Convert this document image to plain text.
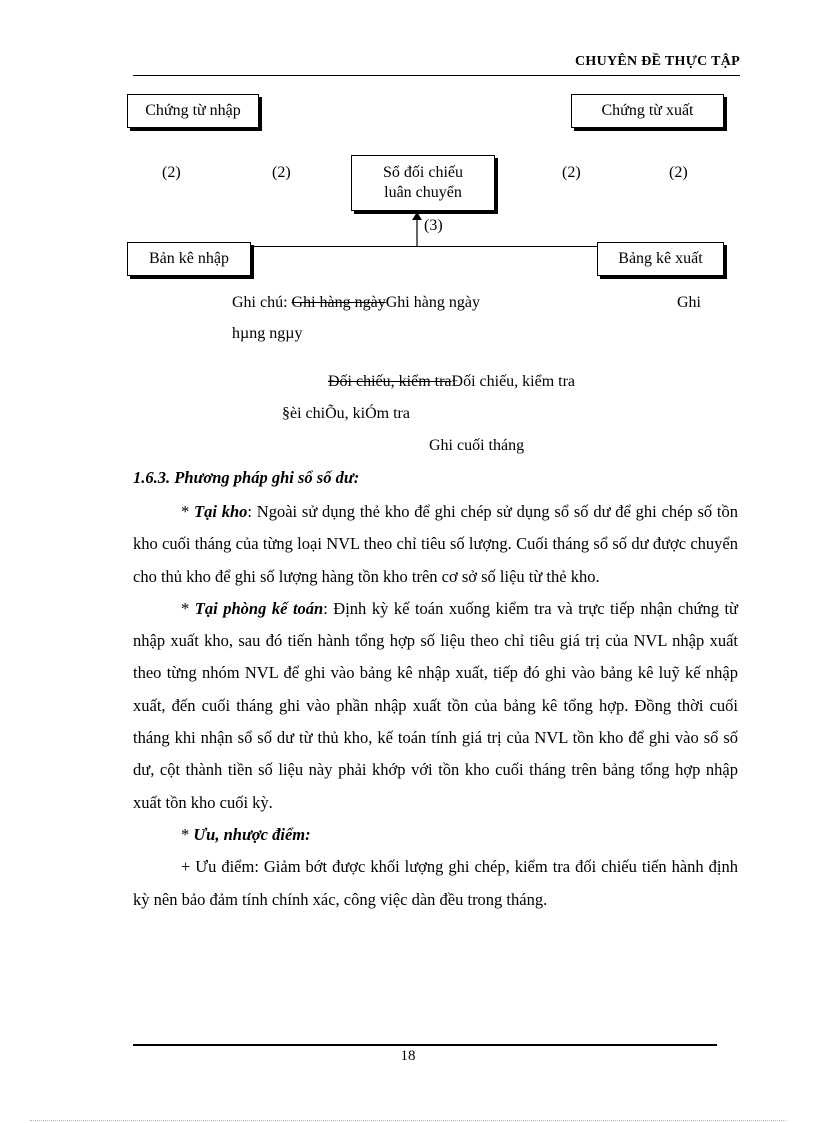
CHUYÊN ĐỀ THỰC TẬP
Chứng từ nhập	Chứng từ xuất
Sổ đối chiếu
luân chuyển
Bản kê nhập	Bảng kê xuất
(2)	(2)	(2)	(2)
(3)
Ghi chú: Ghi hàng ngàyGhi hàng ngày	Ghi
hµng ngµy
Đối chiếu, kiểm traĐối chiếu, kiểm tra
§èi chiÕu, kiÓm tra
Ghi cuối tháng
1.6.3. Phương pháp ghi sổ số dư:

* Tại kho: Ngoài sử dụng thẻ kho để ghi chép sử dụng sổ số dư để ghi chép số tồn kho cuối tháng của từng loại NVL theo chỉ tiêu số lượng. Cuối tháng sổ số dư được chuyển cho thủ kho để ghi số lượng hàng tồn kho trên cơ sở số liệu từ thẻ kho.

* Tại phòng kế toán: Định kỳ kế toán xuống kiểm tra và trực tiếp nhận chứng từ nhập xuất kho, sau đó tiến hành tổng hợp số liệu theo chỉ tiêu giá trị của NVL nhập xuất theo từng nhóm NVL để ghi vào bảng kê nhập xuất, tiếp đó ghi vào bảng kê luỹ kế nhập xuất, đến cuối tháng ghi vào phần nhập xuất tồn của bảng kê tổng hợp. Đồng thời cuối tháng khi nhận sổ số dư từ thủ kho, kế toán tính giá trị của NVL tồn kho để ghi vào sổ số dư, cột thành tiền số liệu này phải khớp với tồn kho cuối tháng trên bảng tổng hợp nhập xuất tồn kho cuối kỳ.

* Ưu, nhược điểm:

+ Ưu điểm: Giảm bớt được khối lượng ghi chép, kiểm tra đối chiếu tiến hành định kỳ nên bảo đảm tính chính xác, công việc dàn đều trong tháng.

18
